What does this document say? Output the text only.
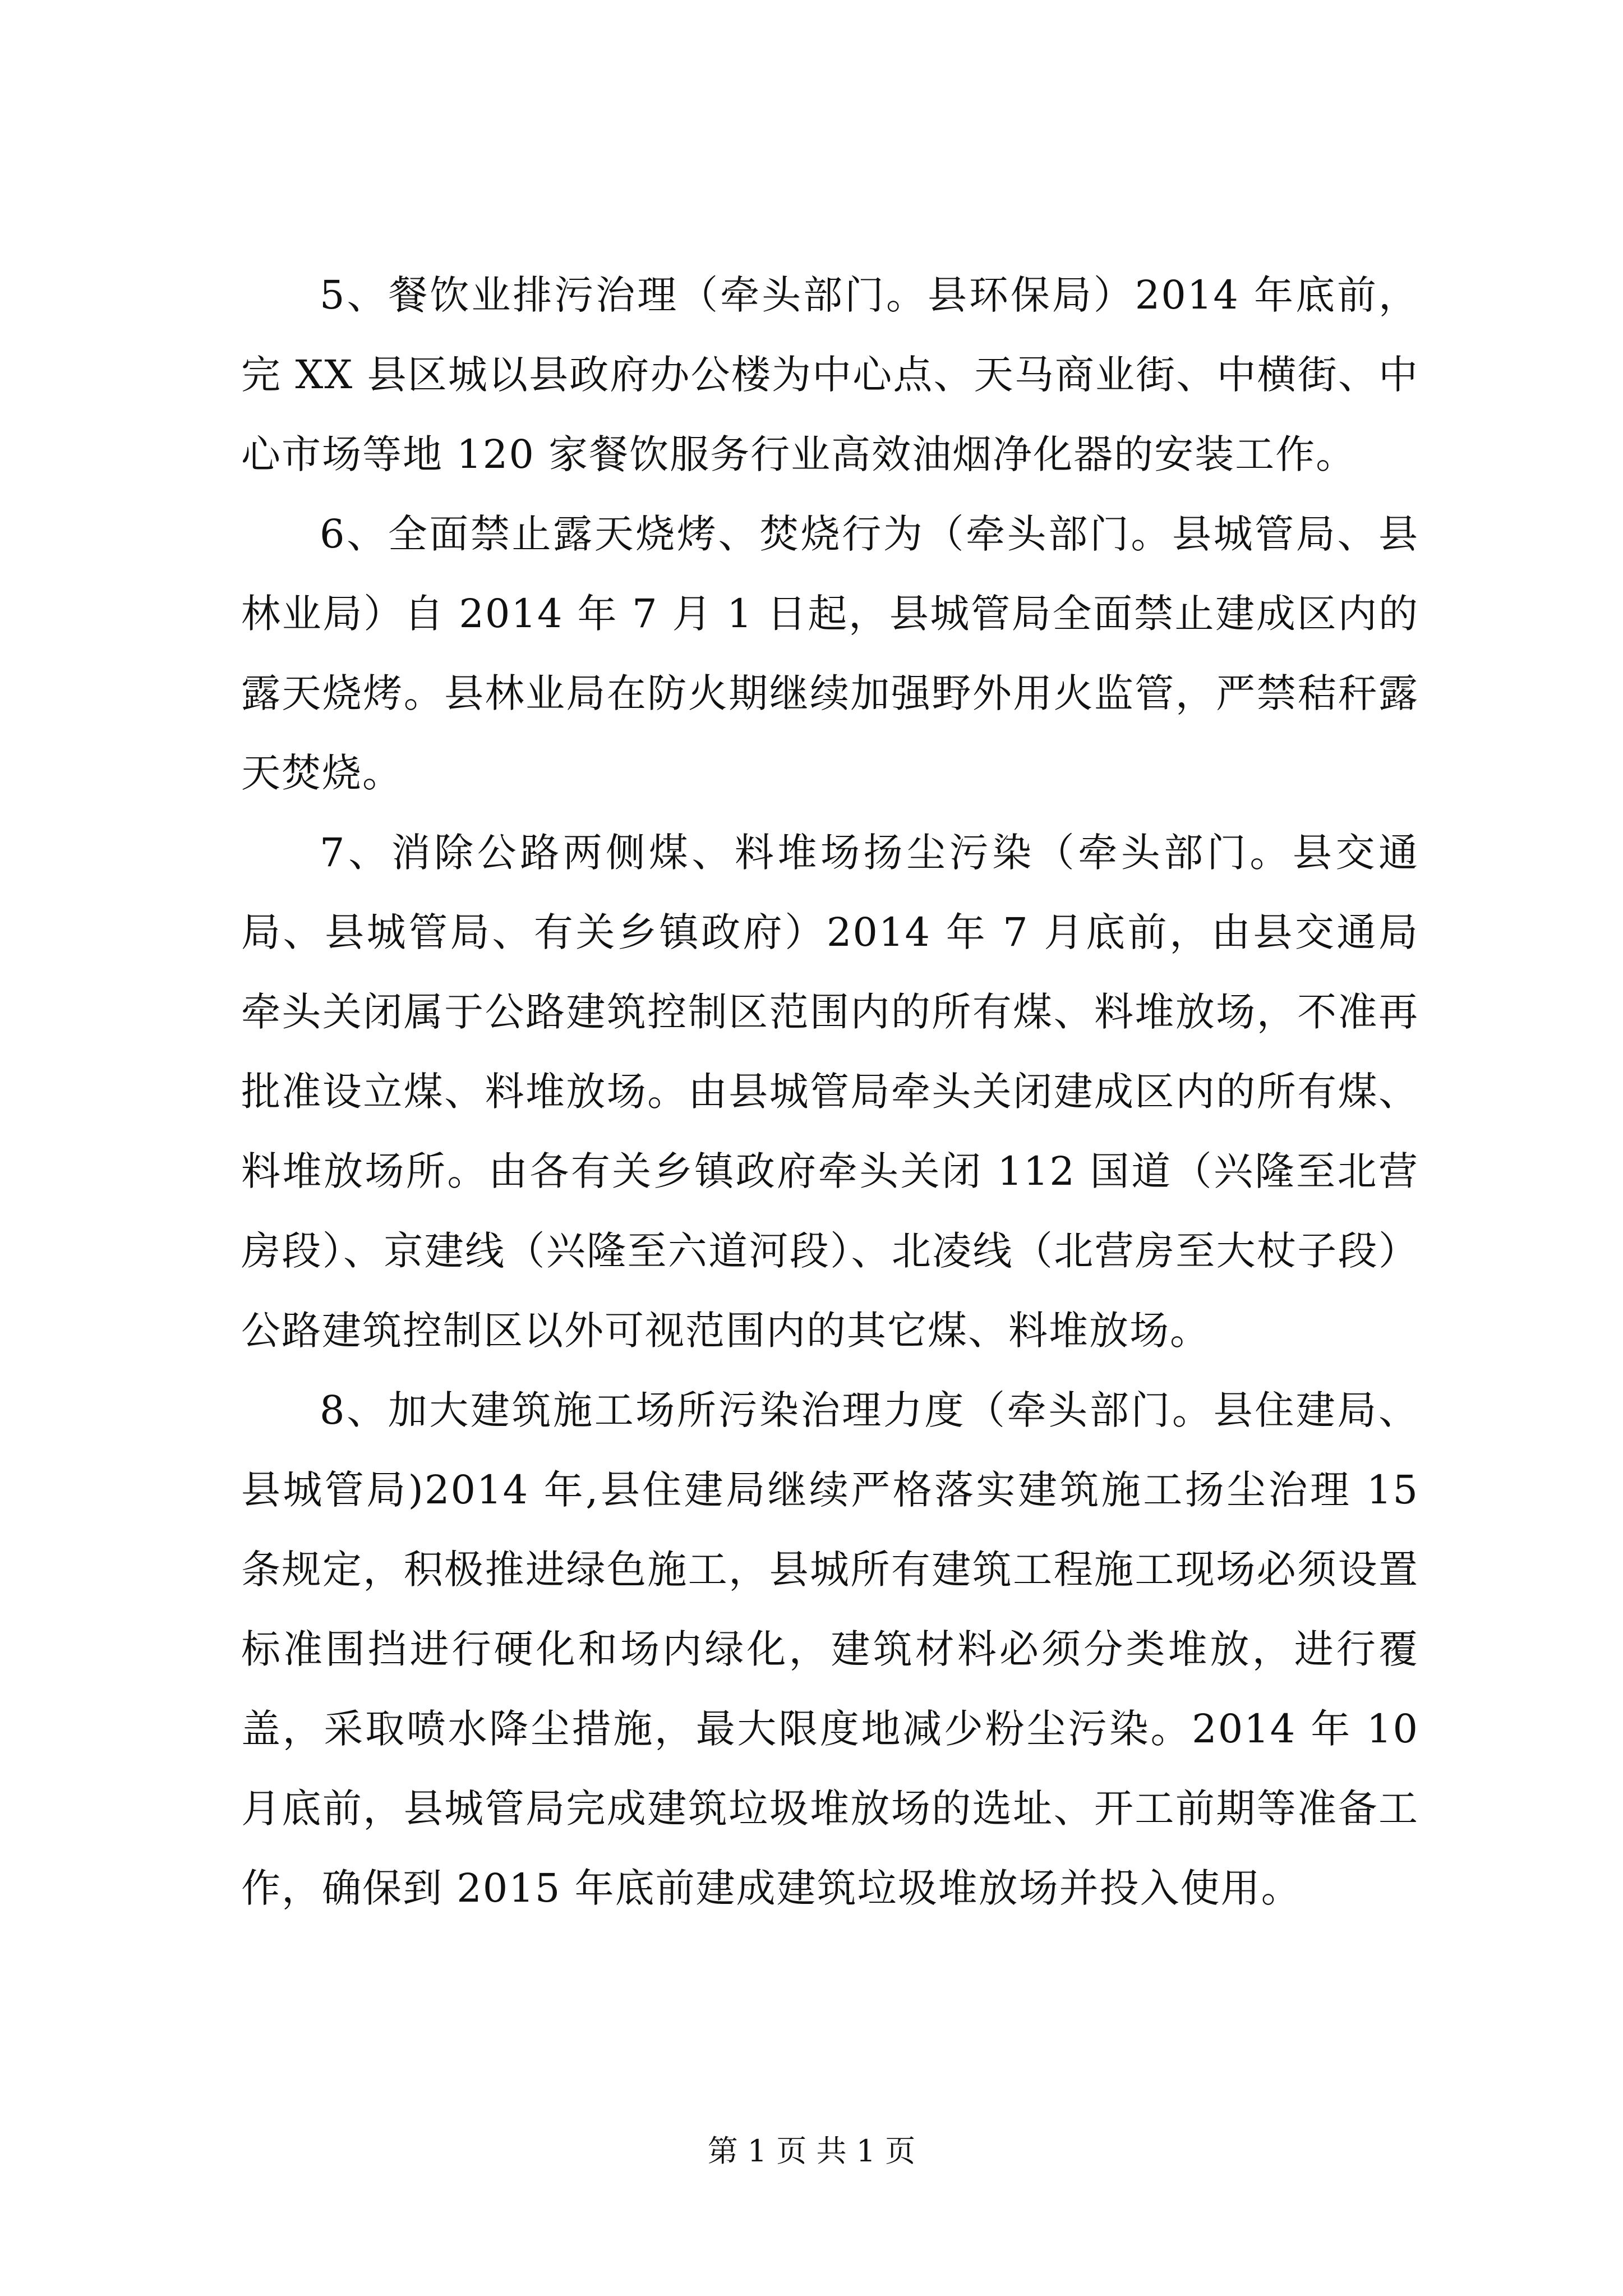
5、餐饮业排污治理（牵头部门。县环保局）2014 年底前，完 XX 县区城以县政府办公楼为中心点、天马商业街、中横街、中心市场等地 120 家餐饮服务行业高效油烟净化器的安装工作。

6、全面禁止露天烧烤、焚烧行为（牵头部门。县城管局、县林业局）自 2014 年 7 月 1 日起，县城管局全面禁止建成区内的露天烧烤。县林业局在防火期继续加强野外用火监管，严禁秸秆露天焚烧。

7、消除公路两侧煤、料堆场扬尘污染（牵头部门。县交通局、县城管局、有关乡镇政府）2014 年 7 月底前，由县交通局牵头关闭属于公路建筑控制区范围内的所有煤、料堆放场，不准再批准设立煤、料堆放场。由县城管局牵头关闭建成区内的所有煤、料堆放场所。由各有关乡镇政府牵头关闭 112 国道（兴隆至北营房段）、京建线（兴隆至六道河段）、北凌线（北营房至大杖子段）公路建筑控制区以外可视范围内的其它煤、料堆放场。

8、加大建筑施工场所污染治理力度（牵头部门。县住建局、县城管局)2014 年,县住建局继续严格落实建筑施工扬尘治理 15 条规定，积极推进绿色施工，县城所有建筑工程施工现场必须设置标准围挡进行硬化和场内绿化，建筑材料必须分类堆放，进行覆盖，采取喷水降尘措施，最大限度地减少粉尘污染。2014 年 10 月底前，县城管局完成建筑垃圾堆放场的选址、开工前期等准备工作，确保到 2015 年底前建成建筑垃圾堆放场并投入使用。

第 1 页 共 1 页
